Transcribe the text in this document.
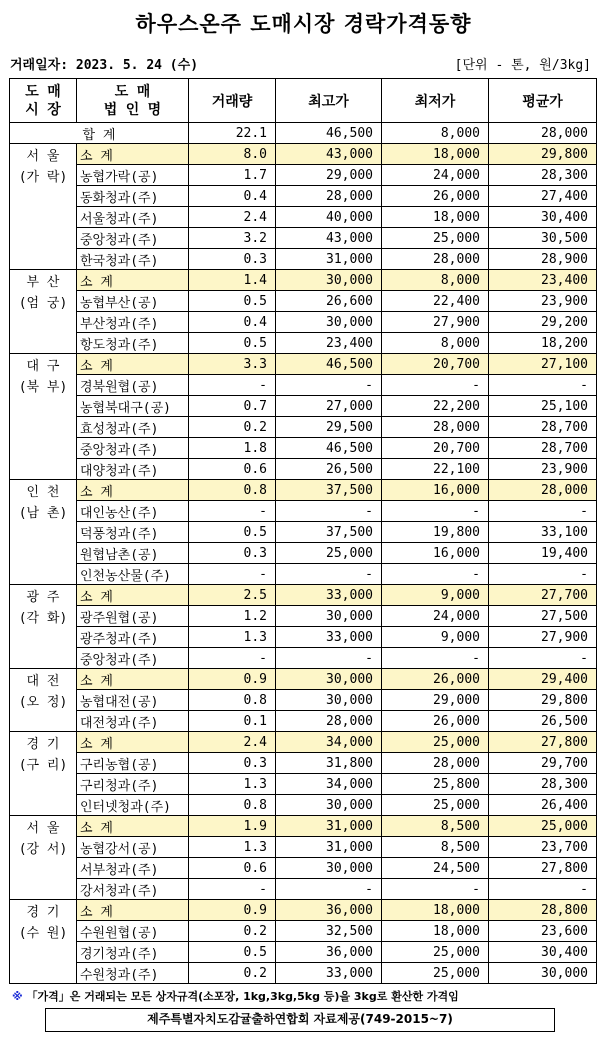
하우스온주 도매시장 경락가격동향
거래일자: 2023. 5. 24 (수)	[단위 - 톤, 원/3kg]
도 매
시 장	도 매
법 인 명	거래량	최고가	최저가	평균가
합 계		22.1	46,500	8,000	28,000

서 울
(가 락)	소 계	8.0	43,000	18,000	29,800
	농협가락(공)	1.7	29,000	24,000	28,300
	동화청과(주)	0.4	28,000	26,000	27,400
	서울청과(주)	2.4	40,000	18,000	30,400
	중앙청과(주)	3.2	43,000	25,000	30,500
	한국청과(주)	0.3	31,000	28,000	28,900

부 산
(엄 궁)	소 계	1.4	30,000	8,000	23,400
	농협부산(공)	0.5	26,600	22,400	23,900
	부산청과(주)	0.4	30,000	27,900	29,200
	항도청과(주)	0.5	23,400	8,000	18,200

대 구
(북 부)	소 계	3.3	46,500	20,700	27,100
	경북원협(공)	-	-	-	-
	농협북대구(공)	0.7	27,000	22,200	25,100
	효성청과(주)	0.2	29,500	28,000	28,700
	중앙청과(주)	1.8	46,500	20,700	28,700
	대양청과(주)	0.6	26,500	22,100	23,900

인 천
(남 촌)	소 계	0.8	37,500	16,000	28,000
	대인농산(주)	-	-	-	-
	덕풍청과(주)	0.5	37,500	19,800	33,100
	원협남촌(공)	0.3	25,000	16,000	19,400
	인천농산물(주)	-	-	-	-

광 주
(각 화)	소 계	2.5	33,000	9,000	27,700
	광주원협(공)	1.2	30,000	24,000	27,500
	광주청과(주)	1.3	33,000	9,000	27,900
	중앙청과(주)	-	-	-	-

대 전
(오 정)	소 계	0.9	30,000	26,000	29,400
	농협대전(공)	0.8	30,000	29,000	29,800
	대전청과(주)	0.1	28,000	26,000	26,500

경 기
(구 리)	소 계	2.4	34,000	25,000	27,800
	구리농협(공)	0.3	31,800	28,000	29,700
	구리청과(주)	1.3	34,000	25,800	28,300
	인터넷청과(주)	0.8	30,000	25,000	26,400

서 울
(강 서)	소 계	1.9	31,000	8,500	25,000
	농협강서(공)	1.3	31,000	8,500	23,700
	서부청과(주)	0.6	30,000	24,500	27,800
	강서청과(주)	-	-	-	-

경 기
(수 원)	소 계	0.9	36,000	18,000	28,800
	수원원협(공)	0.2	32,500	18,000	23,600
	경기청과(주)	0.5	36,000	25,000	30,400
	수원청과(주)	0.2	33,000	25,000	30,000
※ 「가격」은 거래되는 모든 상자규격(소포장, 1kg,3kg,5kg 등)을 3kg로 환산한 가격임
제주특별자치도감귤출하연합회 자료제공(749-2015~7)
